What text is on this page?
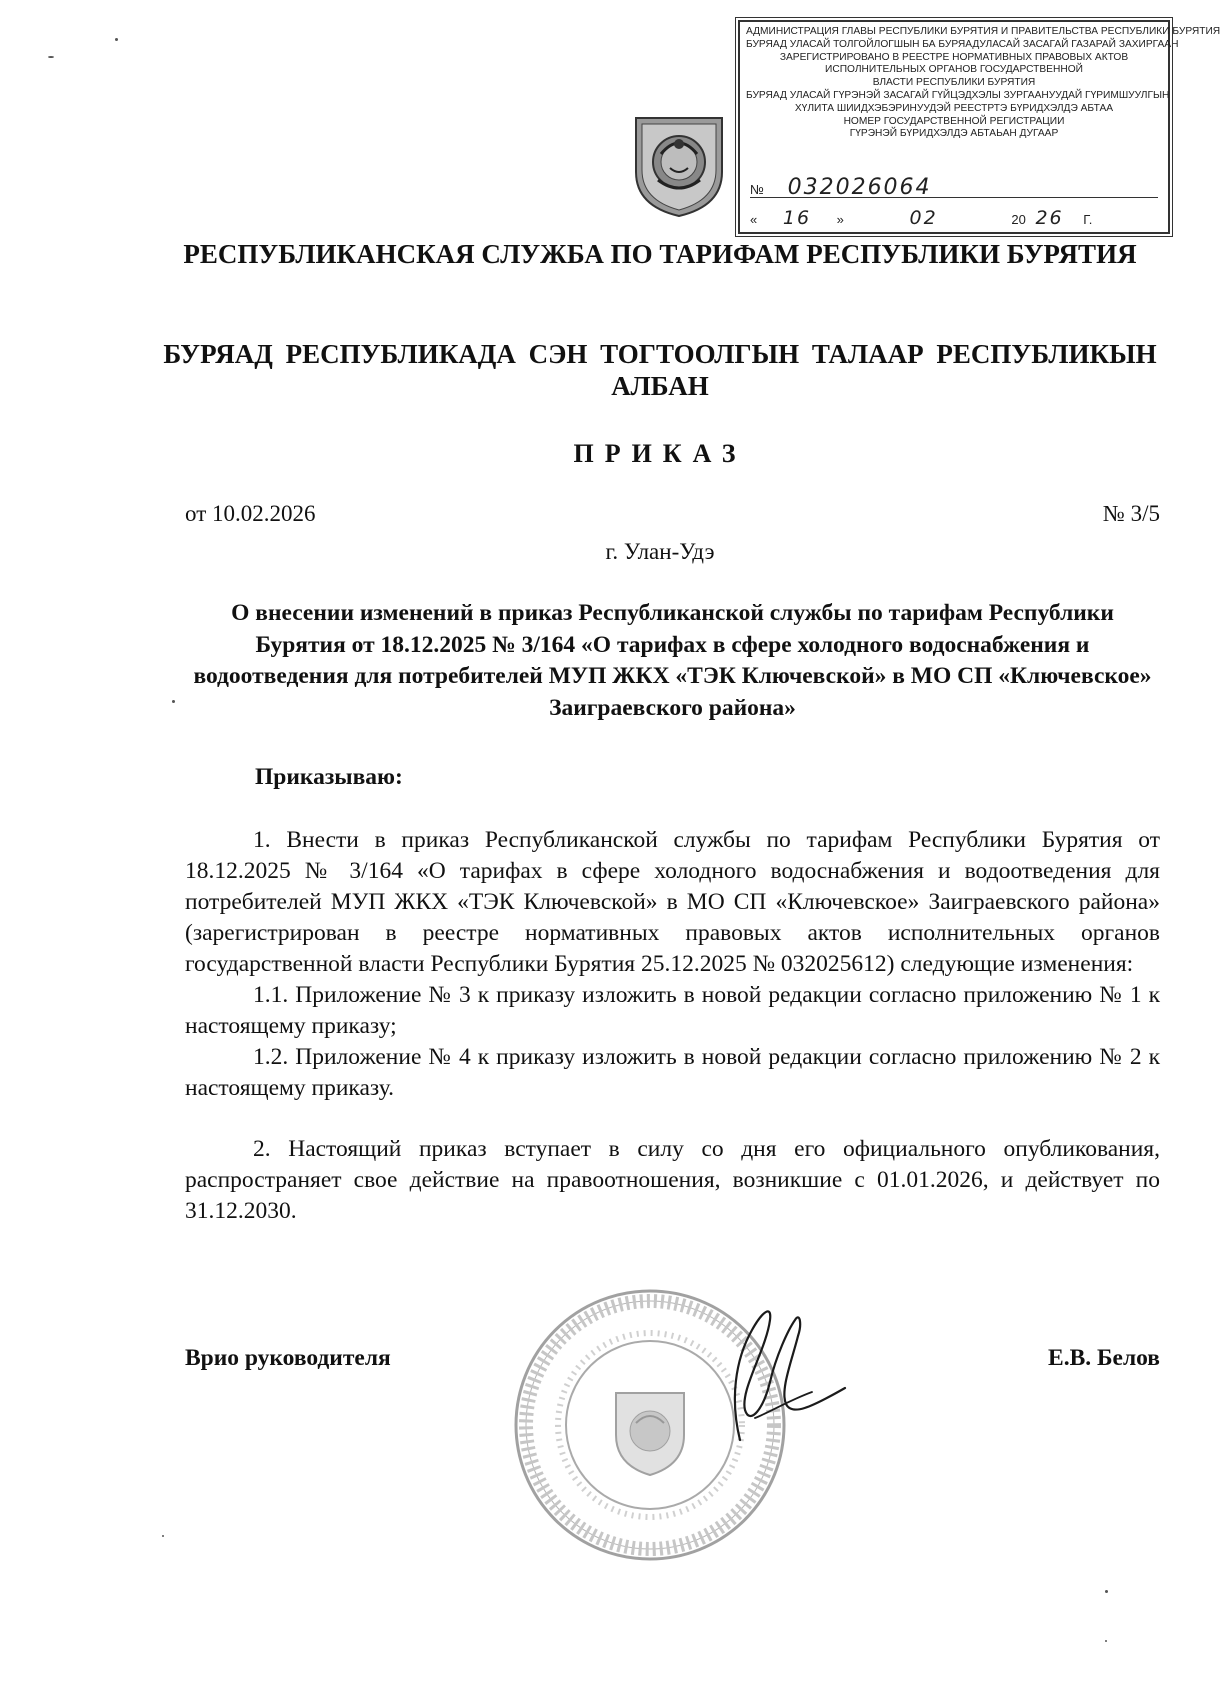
АДМИНИСТРАЦИЯ ГЛАВЫ РЕСПУБЛИКИ БУРЯТИЯ И ПРАВИТЕЛЬСТВА РЕСПУБЛИКИ БУРЯТИЯ
БУРЯАД УЛАСАЙ ТОЛГОЙЛОГШЫН БА БУРЯАДУЛАСАЙ ЗАСАГАЙ ГАЗАРАЙ ЗАХИРГААН
ЗАРЕГИСТРИРОВАНО В РЕЕСТРЕ НОРМАТИВНЫХ ПРАВОВЫХ АКТОВ
ИСПОЛНИТЕЛЬНЫХ ОРГАНОВ ГОСУДАРСТВЕННОЙ
ВЛАСТИ РЕСПУБЛИКИ БУРЯТИЯ
БУРЯАД УЛАСАЙ ГҮРЭНЭЙ ЗАСАГАЙ ГҮЙЦЭДХЭЛЫ ЗУРГААНУУДАЙ ГҮРИМШУУЛГЫН
ХҮЛИТА ШИИДХЭБЭРИНУУДЭЙ РЕЕСТРТЭ БҮРИДХЭЛДЭ АБТАА
НОМЕР ГОСУДАРСТВЕННОЙ РЕГИСТРАЦИИ
ГҮРЭНЭЙ БҮРИДХЭЛДЭ АБТАЬАН ДУГААР
№ 032026064
« 16 »	02	20 26 Г.
РЕСПУБЛИКАНСКАЯ СЛУЖБА ПО ТАРИФАМ РЕСПУБЛИКИ БУРЯТИЯ
БУРЯАД РЕСПУБЛИКАДА СЭН ТОГТООЛГЫН ТАЛААР РЕСПУБЛИКЫН АЛБАН
ПРИКАЗ
от 10.02.2026	№ 3/5
г. Улан-Удэ
О внесении изменений в приказ Республиканской службы по тарифам Республики Бурятия от 18.12.2025 № 3/164 «О тарифах в сфере холодного водоснабжения и водоотведения для потребителей МУП ЖКХ «ТЭК Ключевской» в МО СП «Ключевское» Заиграевского района»
Приказываю:

1. Внести в приказ Республиканской службы по тарифам Республики Бурятия от 18.12.2025 № 3/164 «О тарифах в сфере холодного водоснабжения и водоотведения для потребителей МУП ЖКХ «ТЭК Ключевской» в МО СП «Ключевское» Заиграевского района» (зарегистрирован в реестре нормативных правовых актов исполнительных органов государственной власти Республики Бурятия 25.12.2025 № 032025612) следующие изменения:

1.1. Приложение № 3 к приказу изложить в новой редакции согласно приложению № 1 к настоящему приказу;

1.2. Приложение № 4 к приказу изложить в новой редакции согласно приложению № 2 к настоящему приказу.

2. Настоящий приказ вступает в силу со дня его официального опубликования, распространяет свое действие на правоотношения, возникшие с 01.01.2026, и действует по 31.12.2030.

Врио руководителя	Е.В. Белов
